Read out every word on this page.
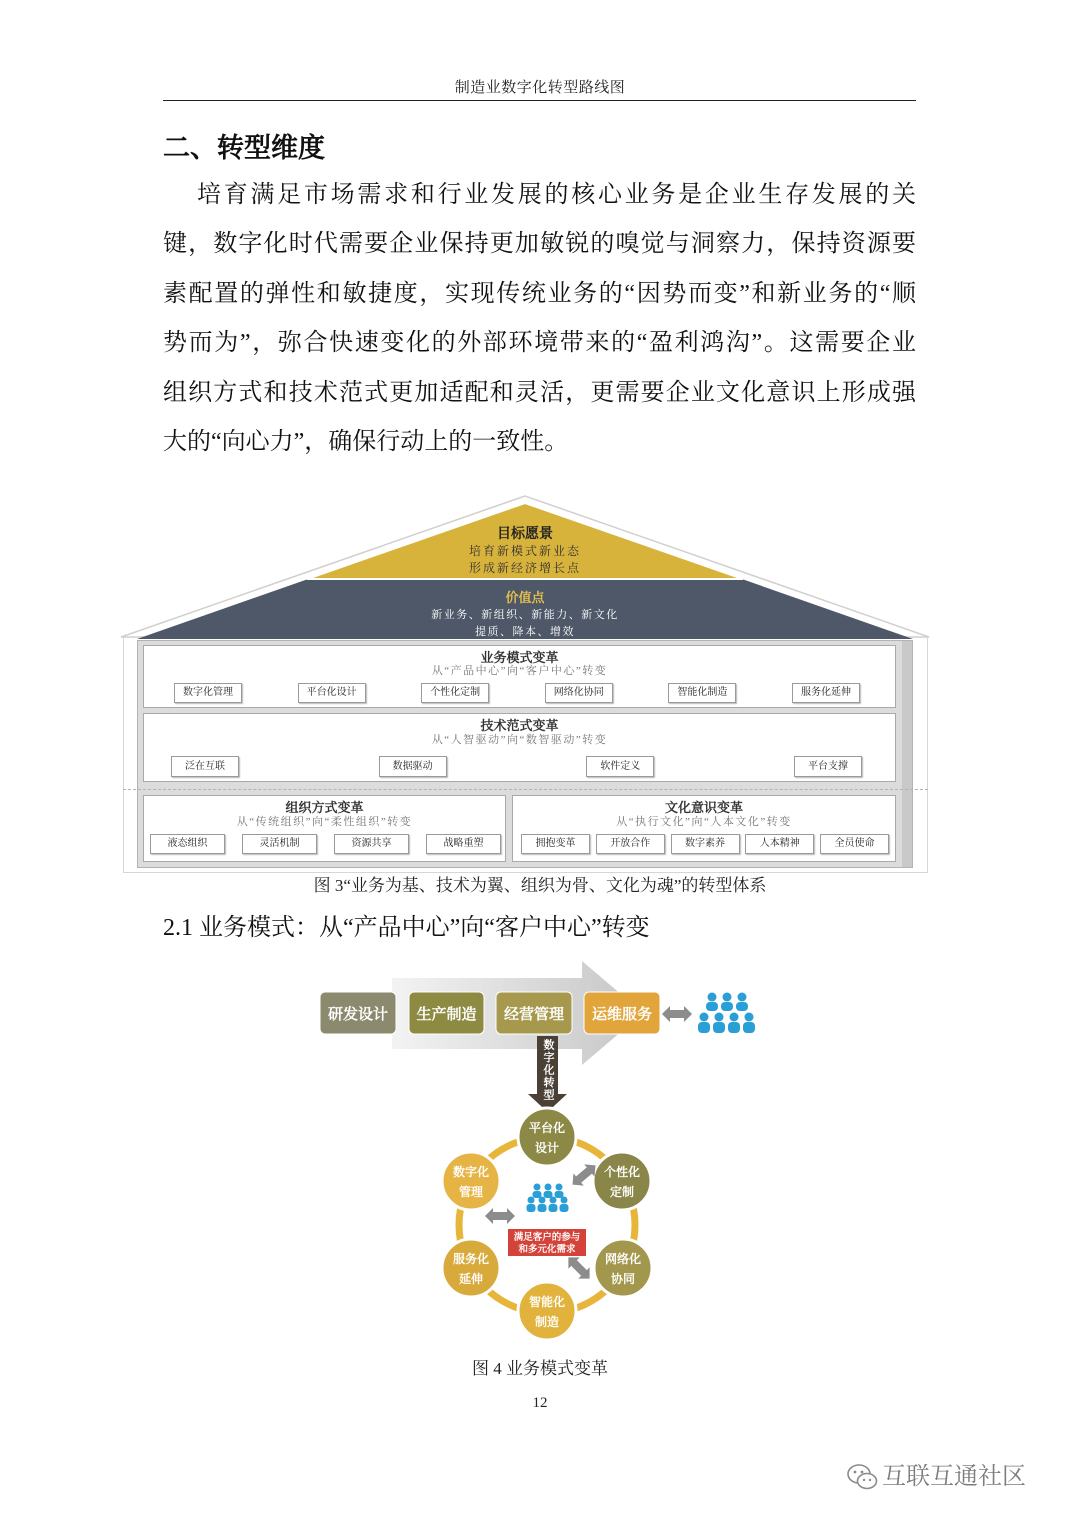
制造业数字化转型路线图
二、转型维度
培育满足市场需求和行业发展的核心业务是企业生存发展的关
键，数字化时代需要企业保持更加敏锐的嗅觉与洞察力，保持资源要
素配置的弹性和敏捷度，实现传统业务的“因势而变”和新业务的“顺
势而为”，弥合快速变化的外部环境带来的“盈利鸿沟”。这需要企业
组织方式和技术范式更加适配和灵活，更需要企业文化意识上形成强
大的“向心力”，确保行动上的一致性。
目标愿景
培育新模式新业态
形成新经济增长点
价值点
新业务、新组织、新能力、新文化
提质、降本、增效
业务模式变革
从“产品中心”向“客户中心”转变
数字化管理	平台化设计	个性化定制	网络化协同	智能化制造	服务化延伸
技术范式变革
从“人智驱动”向“数智驱动”转变
泛在互联	数据驱动	软件定义	平台支撑
组织方式变革
从“传统组织”向“柔性组织”转变
液态组织	灵活机制	资源共享	战略重塑
文化意识变革
从“执行文化”向“人本文化”转变
拥抱变革	开放合作	数字素养	人本精神	全员使命
图 3“业务为基、技术为翼、组织为骨、文化为魂”的转型体系
2.1 业务模式：从“产品中心”向“客户中心”转变
研发设计 生产制造 经营管理 运维服务
平台化
设计
个性化
定制
网络化
协同
智能化
制造
服务化
延伸
数字化
管理
满足客户的参与
和多元化需求
数字化转型
图 4 业务模式变革
12
互联互通社区
